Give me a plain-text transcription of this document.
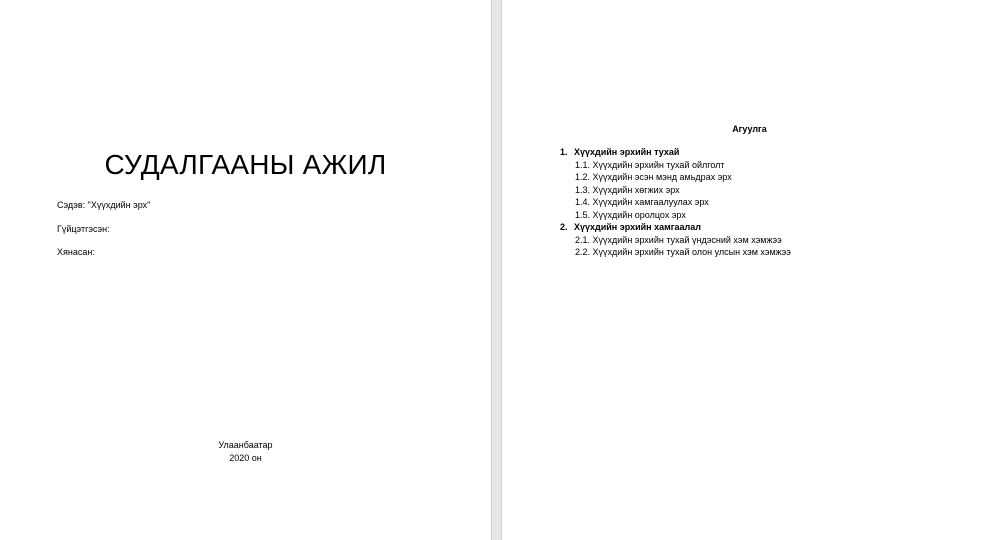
СУДАЛГААНЫ АЖИЛ
Сэдэв: "Хүүхдийн эрх"
Гүйцэтгэсэн:
Хянасан:
Улаанбаатар
2020 он
Агуулга
1. Хүүхдийн эрхийн тухай
1.1. Хүүхдийн эрхийн тухай ойлголт
1.2. Хүүхдийн эсэн мэнд амьдрах эрх
1.3. Хүүхдийн хөгжих эрх
1.4. Хүүхдийн хамгаалуулах эрх
1.5. Хүүхдийн оролцох эрх
2. Хүүхдийн эрхийн хамгаалал
2.1. Хүүхдийн эрхийн тухай үндэсний хэм хэмжээ
2.2. Хүүхдийн эрхийн тухай олон улсын хэм хэмжээ
